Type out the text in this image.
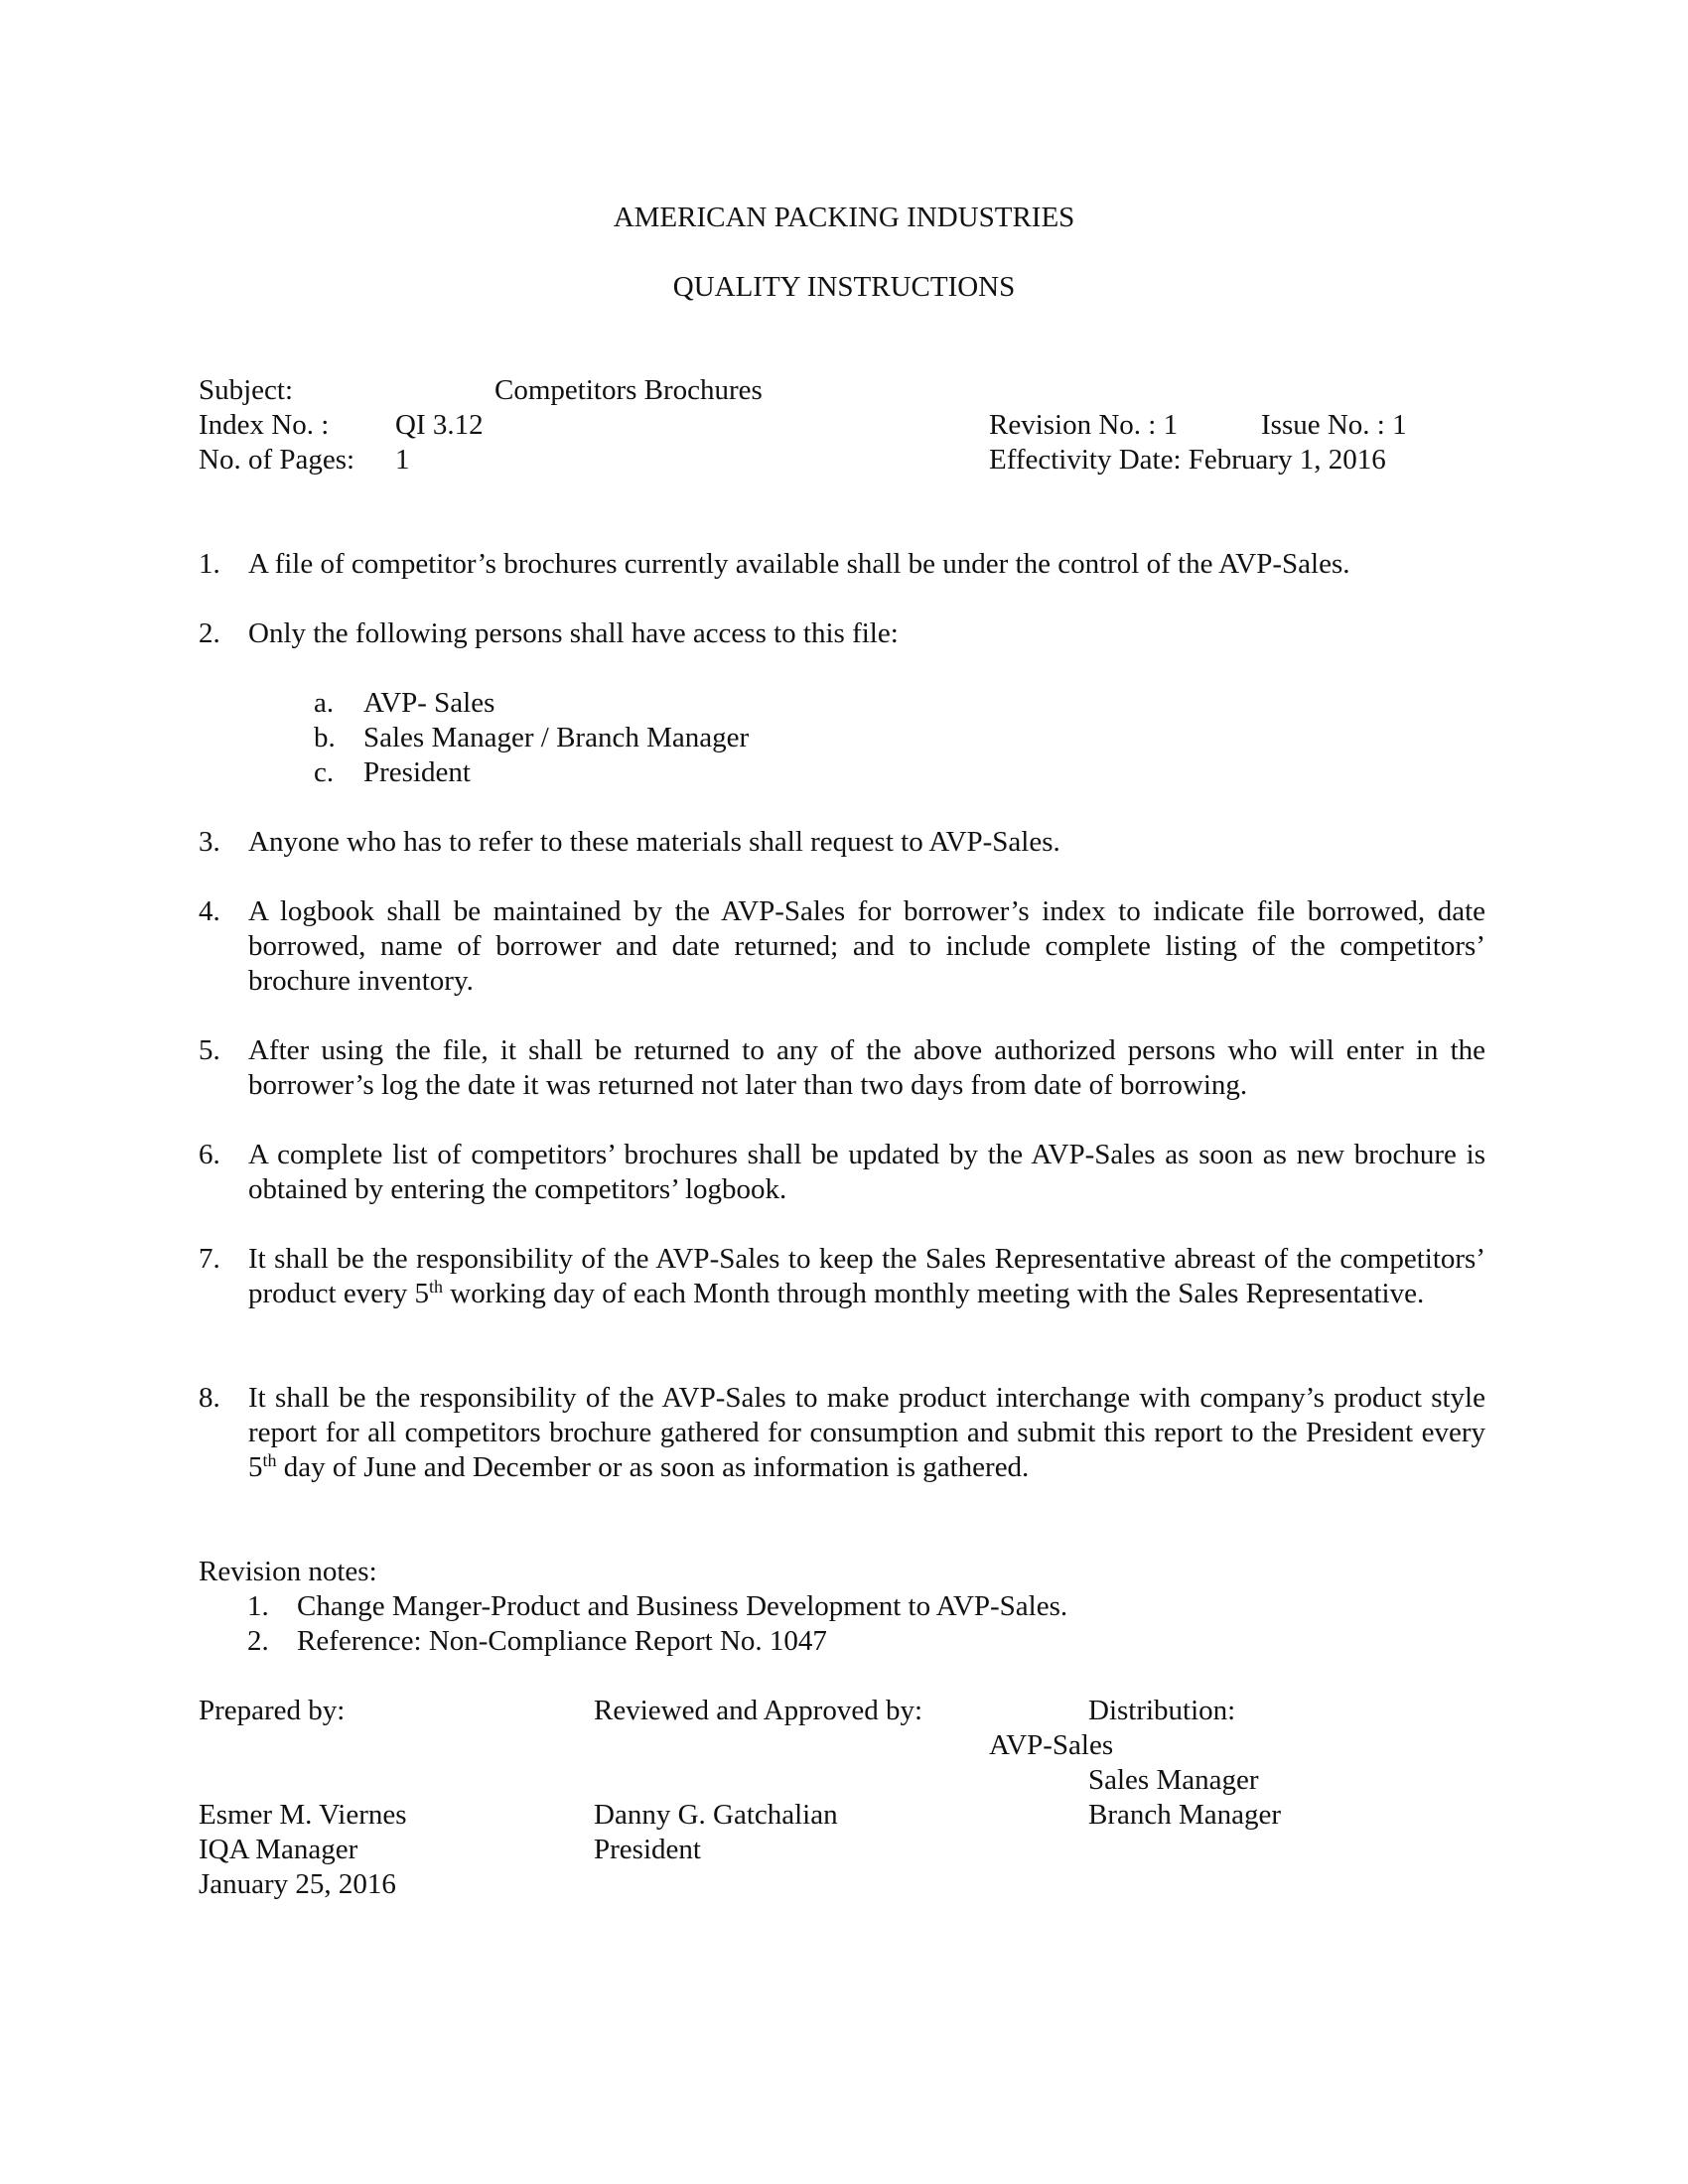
AMERICAN PACKING INDUSTRIES
QUALITY INSTRUCTIONS
Subject:	Competitors Brochures
Index No. : QI 3.12	Revision No. : 1	Issue No. : 1
No. of Pages: 1	Effectivity Date: February 1, 2016
1. A file of competitor’s brochures currently available shall be under the control of the AVP-Sales.
2. Only the following persons shall have access to this file:
a. AVP- Sales
b. Sales Manager / Branch Manager
c. President
3. Anyone who has to refer to these materials shall request to AVP-Sales.
4. A logbook shall be maintained by the AVP-Sales for borrower’s index to indicate file borrowed, date borrowed, name of borrower and date returned; and to include complete listing of the competitors’ brochure inventory.
5. After using the file, it shall be returned to any of the above authorized persons who will enter in the borrower’s log the date it was returned not later than two days from date of borrowing.
6. A complete list of competitors’ brochures shall be updated by the AVP-Sales as soon as new brochure is obtained by entering the competitors’ logbook.
7. It shall be the responsibility of the AVP-Sales to keep the Sales Representative abreast of the competitors’ product every 5th working day of each Month through monthly meeting with the Sales Representative.
8. It shall be the responsibility of the AVP-Sales to make product interchange with company’s product style report for all competitors brochure gathered for consumption and submit this report to the President every 5th day of June and December or as soon as information is gathered.
Revision notes:
1. Change Manger-Product and Business Development to AVP-Sales.
2. Reference: Non-Compliance Report No. 1047
Prepared by:	Reviewed and Approved by:	Distribution:
AVP-Sales
Sales Manager
Branch Manager
Esmer M. Viernes	Danny G. Gatchalian
IQA Manager	President
January 25, 2016
